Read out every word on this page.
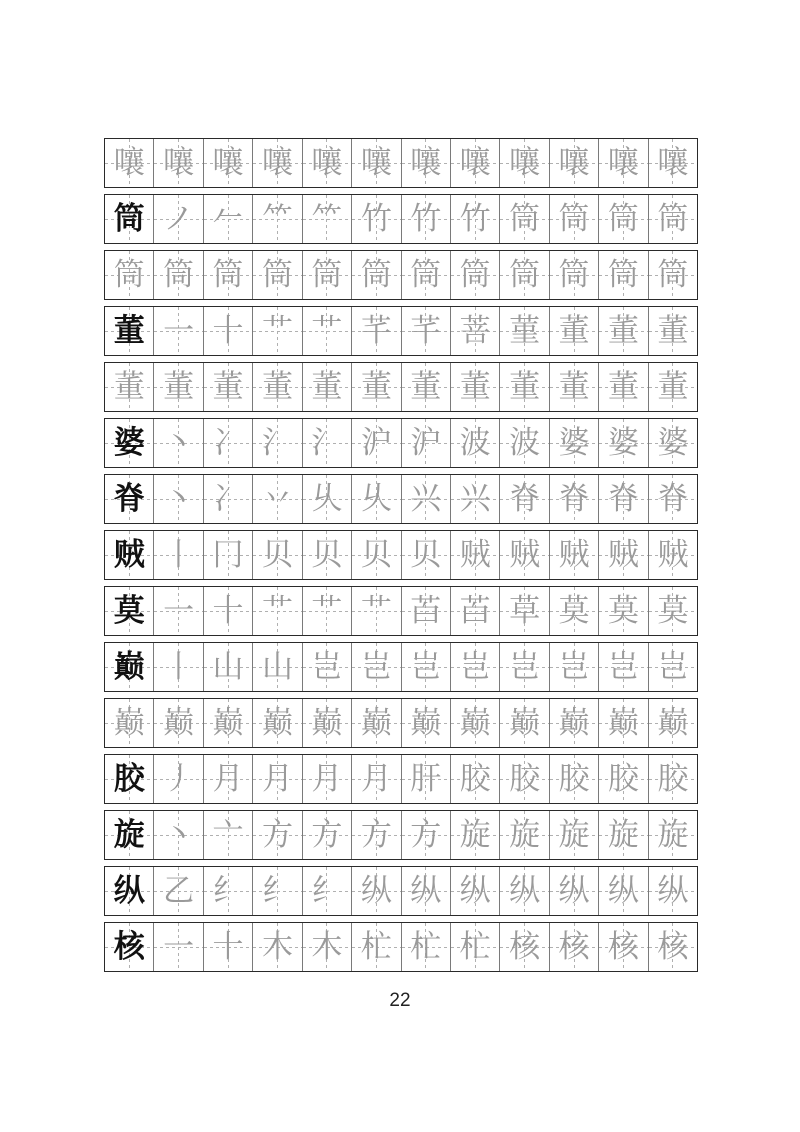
嚷 嚷 嚷 嚷 嚷 嚷 嚷 嚷 嚷 嚷 嚷 嚷
筒 ノ 𠂉 ⺮ ⺮ 竹 竹 竹 筒 筒 筒 筒
筒 筒 筒 筒 筒 筒 筒 筒 筒 筒 筒 筒
董 一 十 艹 艹 芊 芊 菩 菫 董 董 董
董 董 董 董 董 董 董 董 董 董 董 董
婆 丶 冫 氵 氵 沪 沪 波 波 婆 婆 婆
脊 丶 冫 丷 乆 乆 兴 兴 脊 脊 脊 脊
贼 丨 冂 贝 贝 贝 贝 贼 贼 贼 贼 贼
莫 一 十 艹 艹 艹 苩 苩 草 莫 莫 莫
巅 丨 山 山 岂 岂 岂 岂 岂 岂 岂 岂
巅 巅 巅 巅 巅 巅 巅 巅 巅 巅 巅 巅
胶 丿 月 月 月 月 肝 胶 胶 胶 胶 胶
旋 丶 亠 方 方 方 方 旋 旋 旋 旋 旋
纵 乙 纟 纟 纟 纵 纵 纵 纵 纵 纵 纵
核 一 十 木 木 杧 杧 杧 核 核 核 核
22
